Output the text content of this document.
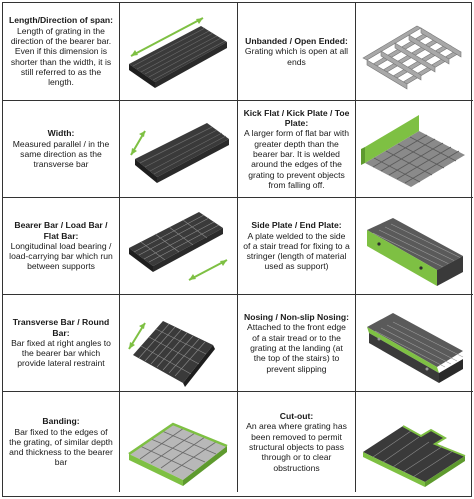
Length/Direction of span:
Length of grating in the direction of the bearer bar. Even if this dimension is shorter than the width, it is still referred to as the length.
Unbanded / Open Ended:
Grating which is open at all ends
Width:
Measured parallel / in the same direction as the transverse bar
Kick Flat / Kick Plate / Toe Plate:
A larger form of flat bar with greater depth than the bearer bar. It is welded around the edges of the grating to prevent objects from falling off.
Bearer Bar / Load Bar / Flat Bar:
Longitudinal load bearing / load-carrying bar which run between supports
Side Plate / End Plate:
A plate welded to the side of a stair tread for fixing to a stringer (length of material used as support)
Transverse Bar / Round Bar:
Bar fixed at right angles to the bearer bar which provide lateral restraint
Nosing / Non-slip Nosing:
Attached to the front edge of a stair tread or to the grating at the landing (at the top of the stairs) to prevent slipping
Banding:
Bar fixed to the edges of the grating, of similar depth and thickness to the bearer bar
Cut-out:
An area where grating has been removed to permit structural objects to pass through or to clear obstructions
